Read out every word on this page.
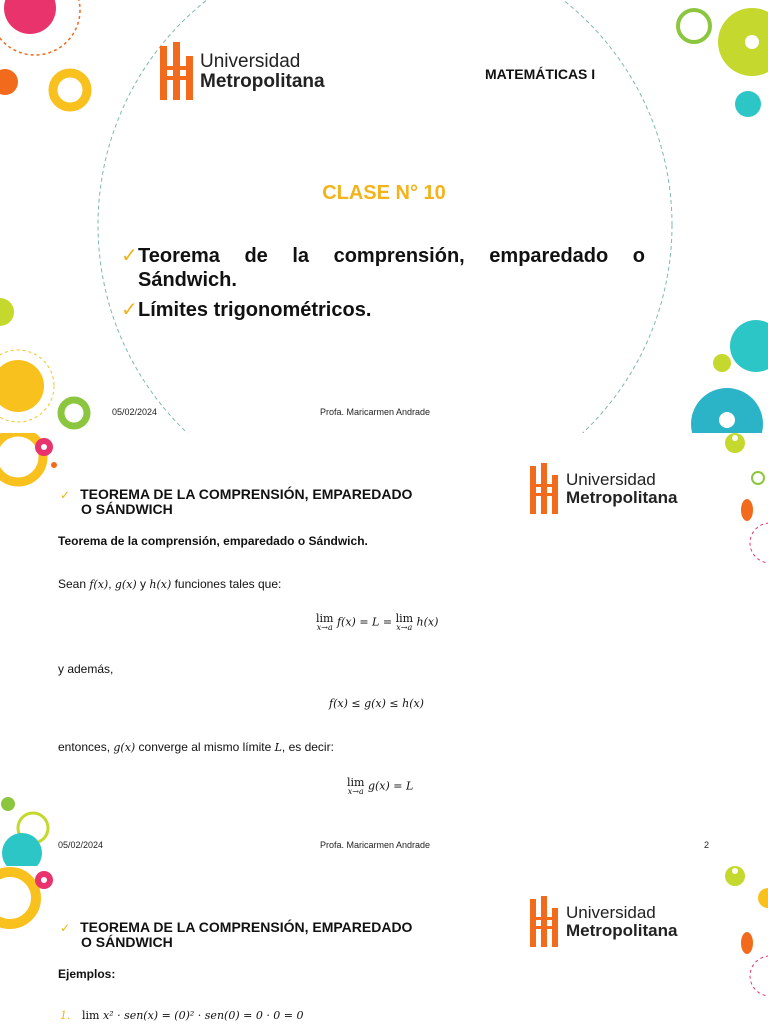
Universidad
Metropolitana	MATEMÁTICAS I
CLASE N° 10
✓ Teorema de la comprensión, emparedado o Sándwich.
✓ Límites trigonométricos.
05/02/2024	Profa. Maricarmen Andrade
✓ TEOREMA DE LA COMPRENSIÓN, EMPAREDADO
O SÁNDWICH
Universidad
Metropolitana
Teorema de la comprensión, emparedado o Sándwich.
Sean f(x), g(x) y h(x) funciones tales que:
lim
x→a f(x) = L = lim
x→a h(x)
y además,
f(x) ≤ g(x) ≤ h(x)
entonces, g(x) converge al mismo límite L, es decir:
lim
x→a g(x) = L
05/02/2024	Profa. Maricarmen Andrade	2
✓ TEOREMA DE LA COMPRENSIÓN, EMPAREDADO
O SÁNDWICH
Universidad
Metropolitana
Ejemplos:
1. lim x² · sen(x) = (0)² · sen(0) = 0 · 0 = 0
